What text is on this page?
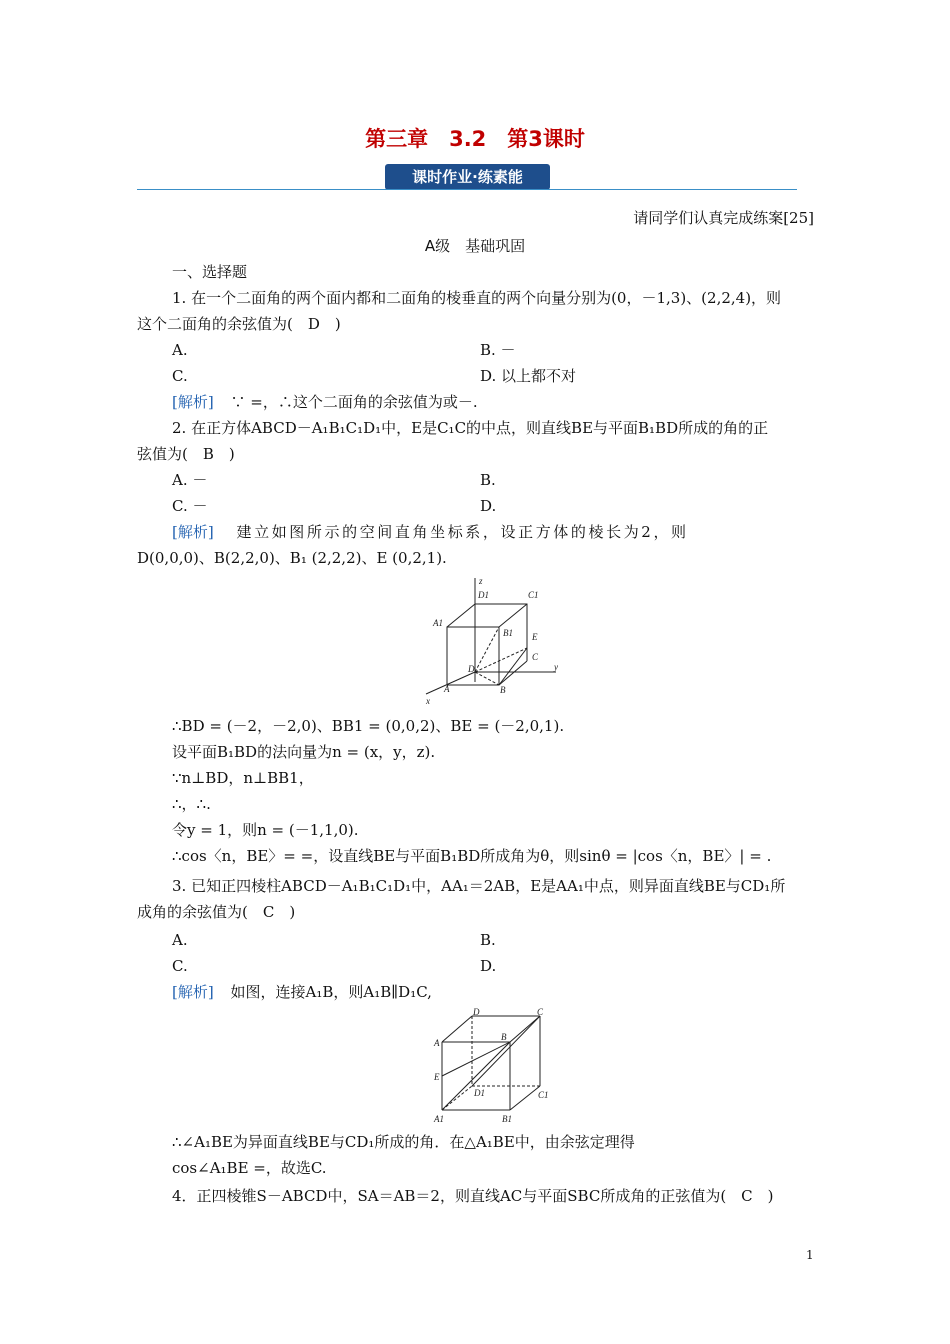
第三章　3.2　第3课时
课时作业·练素能
请同学们认真完成练案[25]
A级　基础巩固
一、选择题
1. 在一个二面角的两个面内都和二面角的棱垂直的两个向量分别为(0，－1,3)、(2,2,4)，则
这个二面角的余弦值为(　D　)
A.	B. －
C.	D. 以上都不对
[解析] ∵ =，∴这个二面角的余弦值为或－.
2. 在正方体ABCD－A₁B₁C₁D₁中，E是C₁C的中点，则直线BE与平面B₁BD所成的角的正
弦值为(　B　)
A. －	B.
C. －	D.
[解析] 建立如图所示的空间直角坐标系，设正方体的棱长为2，则
D(0,0,0)、B(2,2,0)、B₁ (2,2,2)、E (0,2,1).
z
D1	C1
A1
B1 E
C
y
D
A	B
x
∴BD = (－2，－2,0)、BB1 = (0,0,2)、BE = (－2,0,1).
设平面B₁BD的法向量为n = (x，y，z).
∵n⊥BD，n⊥BB1，
∴，∴.
令y = 1，则n = (－1,1,0).
∴cos〈n，BE〉= =，设直线BE与平面B₁BD所成角为θ，则sinθ = |cos〈n，BE〉| = .
3. 已知正四棱柱ABCD－A₁B₁C₁D₁中，AA₁＝2AB，E是AA₁中点，则异面直线BE与CD₁所
成角的余弦值为(　C　)
A.	B.
C.	D.
[解析] 如图，连接A₁B，则A₁B∥D₁C,
D	C
A
B
E
D1	C1
A1	B1
∴∠A₁BE为异面直线BE与CD₁所成的角．在△A₁BE中，由余弦定理得
cos∠A₁BE =，故选C.
4．正四棱锥S－ABCD中，SA＝AB＝2，则直线AC与平面SBC所成角的正弦值为(　C　)
1
